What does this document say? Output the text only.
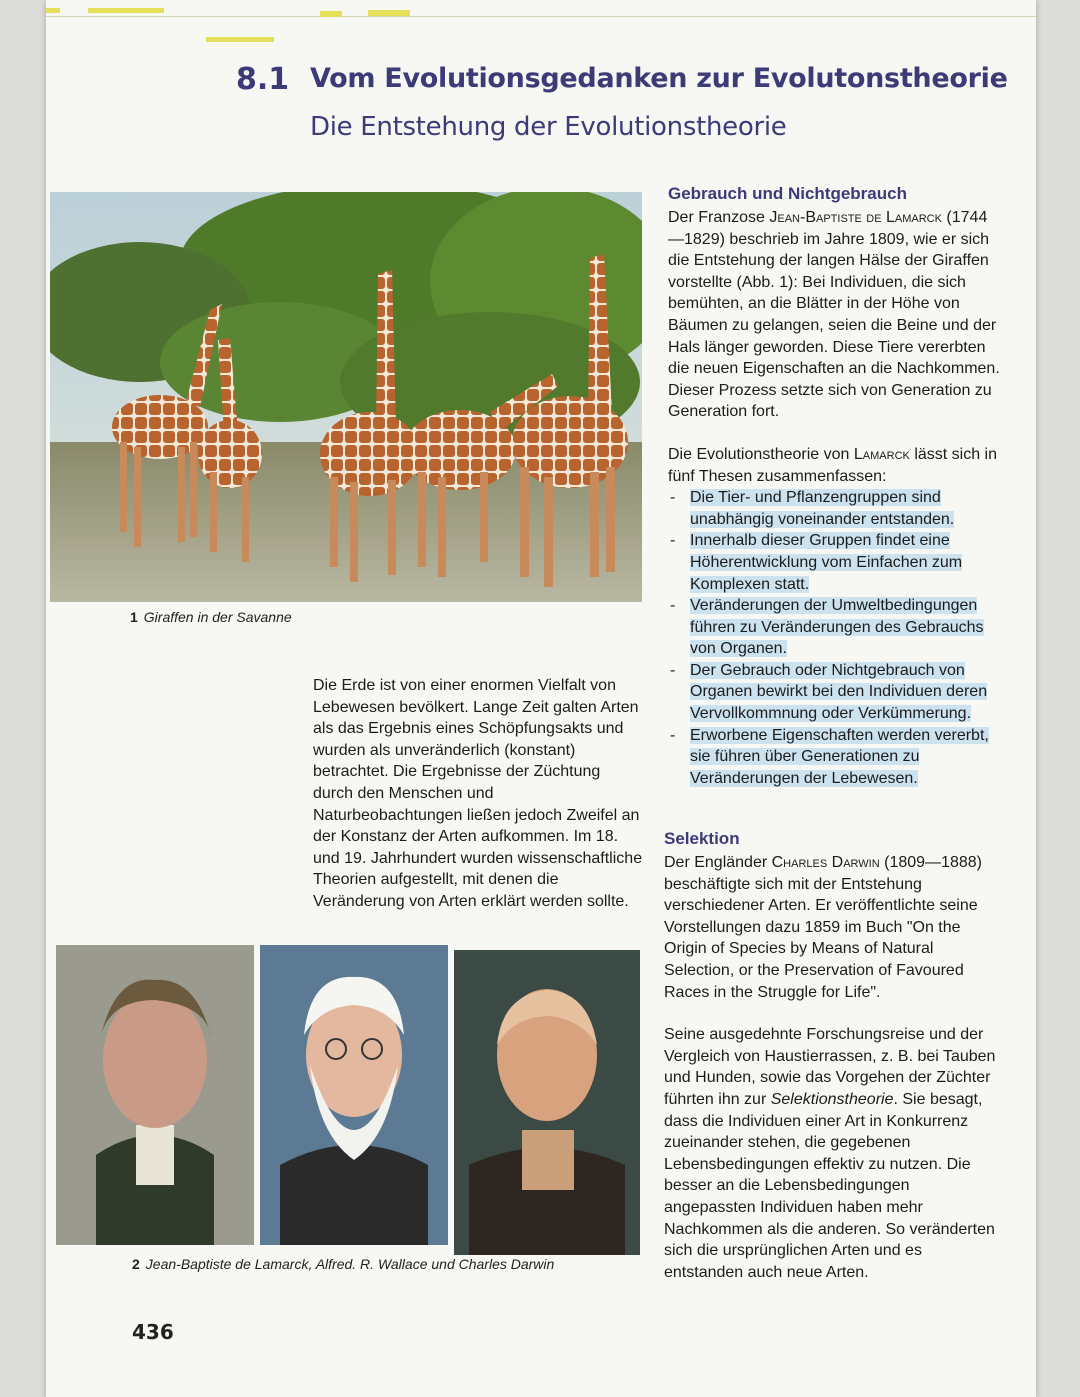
8.1 Vom Evolutionsgedanken zur Evolutonstheorie
Die Entstehung der Evolutionstheorie
1 Giraffen in der Savanne

Die Erde ist von einer enormen Vielfalt von Lebewesen bevölkert. Lange Zeit galten Arten als das Ergebnis eines Schöpfungsakts und wurden als unveränderlich (konstant) betrachtet. Die Ergebnisse der Züchtung durch den Menschen und Naturbeobachtungen ließen jedoch Zweifel an der Konstanz der Arten aufkommen. Im 18. und 19. Jahrhundert wurden wissenschaftliche Theorien aufgestellt, mit denen die Veränderung von Arten erklärt werden sollte.

2 Jean-Baptiste de Lamarck, Alfred. R. Wallace und Charles Darwin
Gebrauch und Nichtgebrauch

Der Franzose Jean-Baptiste de Lamarck (1744—1829) beschrieb im Jahre 1809, wie er sich die Entstehung der langen Hälse der Giraffen vorstellte (Abb. 1): Bei Individuen, die sich bemühten, an die Blätter in der Höhe von Bäumen zu gelangen, seien die Beine und der Hals länger geworden. Diese Tiere vererbten die neuen Eigenschaften an die Nachkommen. Dieser Prozess setzte sich von Generation zu Generation fort.

Die Evolutionstheorie von Lamarck lässt sich in fünf Thesen zusammenfassen:

- Die Tier- und Pflanzengruppen sind unabhängig voneinander entstanden.
- Innerhalb dieser Gruppen findet eine Höherentwicklung vom Einfachen zum Komplexen statt.
- Veränderungen der Umweltbedingungen führen zu Veränderungen des Gebrauchs von Organen.
- Der Gebrauch oder Nichtgebrauch von Organen bewirkt bei den Individuen deren Vervollkommnung oder Verkümmerung.
- Erworbene Eigenschaften werden vererbt, sie führen über Generationen zu Veränderungen der Lebewesen.
Selektion

Der Engländer Charles Darwin (1809—1888) beschäftigte sich mit der Entstehung verschiedener Arten. Er veröffentlichte seine Vorstellungen dazu 1859 im Buch "On the Origin of Species by Means of Natural Selection, or the Preservation of Favoured Races in the Struggle for Life".

Seine ausgedehnte Forschungsreise und der Vergleich von Haustierrassen, z. B. bei Tauben und Hunden, sowie das Vorgehen der Züchter führten ihn zur Selektionstheorie. Sie besagt, dass die Individuen einer Art in Konkurrenz zueinander stehen, die gegebenen Lebensbedingungen effektiv zu nutzen. Die besser an die Lebensbedingungen angepassten Individuen haben mehr Nachkommen als die anderen. So veränderten sich die ursprünglichen Arten und es entstanden auch neue Arten.

436
